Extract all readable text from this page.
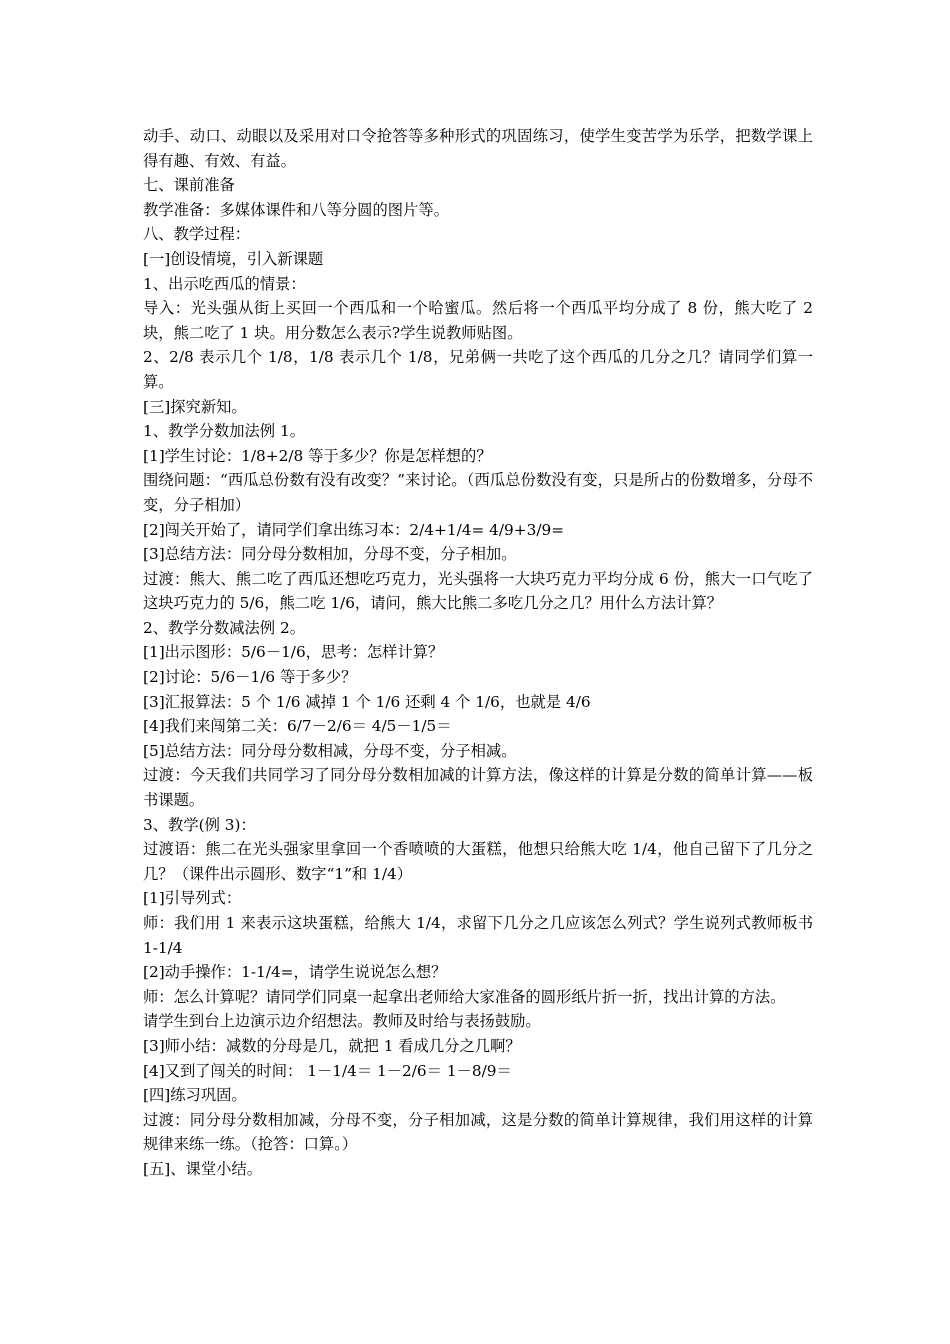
动手、动口、动眼以及采用对口令抢答等多种形式的巩固练习，使学生变苦学为乐学，把数学课上得有趣、有效、有益。

七、课前准备

教学准备：多媒体课件和八等分圆的图片等。

八、教学过程：

[一]创设情境，引入新课题

1、出示吃西瓜的情景：

导入：光头强从街上买回一个西瓜和一个哈蜜瓜。然后将一个西瓜平均分成了 8 份，熊大吃了 2 块，熊二吃了 1 块。用分数怎么表示?学生说教师贴图。

2、2/8 表示几个 1/8，1/8 表示几个 1/8，兄弟俩一共吃了这个西瓜的几分之几？请同学们算一算。

[三]探究新知。

1、教学分数加法例 1。

[1]学生讨论：1/8+2/8 等于多少？你是怎样想的？

围绕问题：“西瓜总份数有没有改变？”来讨论。（西瓜总份数没有变，只是所占的份数增多，分母不变，分子相加）

[2]闯关开始了，请同学们拿出练习本：2/4+1/4= 4/9+3/9=

[3]总结方法：同分母分数相加，分母不变，分子相加。

过渡：熊大、熊二吃了西瓜还想吃巧克力，光头强将一大块巧克力平均分成 6 份，熊大一口气吃了这块巧克力的 5/6，熊二吃 1/6，请问，熊大比熊二多吃几分之几？用什么方法计算？

2、教学分数减法例 2。

[1]出示图形：5/6－1/6，思考：怎样计算？

[2]讨论：5/6－1/6 等于多少？

[3]汇报算法：5 个 1/6 减掉 1 个 1/6 还剩 4 个 1/6，也就是 4/6

[4]我们来闯第二关：6/7－2/6＝ 4/5－1/5＝

[5]总结方法：同分母分数相减，分母不变，分子相减。

过渡：今天我们共同学习了同分母分数相加减的计算方法，像这样的计算是分数的简单计算——板书课题。

3、教学(例 3)：

过渡语：熊二在光头强家里拿回一个香喷喷的大蛋糕，他想只给熊大吃 1/4，他自己留下了几分之几？（课件出示圆形、数字“1”和 1/4）

[1]引导列式：

师：我们用 1 来表示这块蛋糕，给熊大 1/4，求留下几分之几应该怎么列式？学生说列式教师板书 1-1/4

[2]动手操作：1-1/4=，请学生说说怎么想？

师：怎么计算呢？请同学们同桌一起拿出老师给大家准备的圆形纸片折一折，找出计算的方法。

请学生到台上边演示边介绍想法。教师及时给与表扬鼓励。

[3]师小结：减数的分母是几，就把 1 看成几分之几啊？

[4]又到了闯关的时间： 1－1/4＝ 1－2/6＝ 1－8/9＝

[四]练习巩固。

过渡：同分母分数相加减，分母不变，分子相加减，这是分数的简单计算规律，我们用这样的计算规律来练一练。（抢答：口算。）

[五]、课堂小结。
